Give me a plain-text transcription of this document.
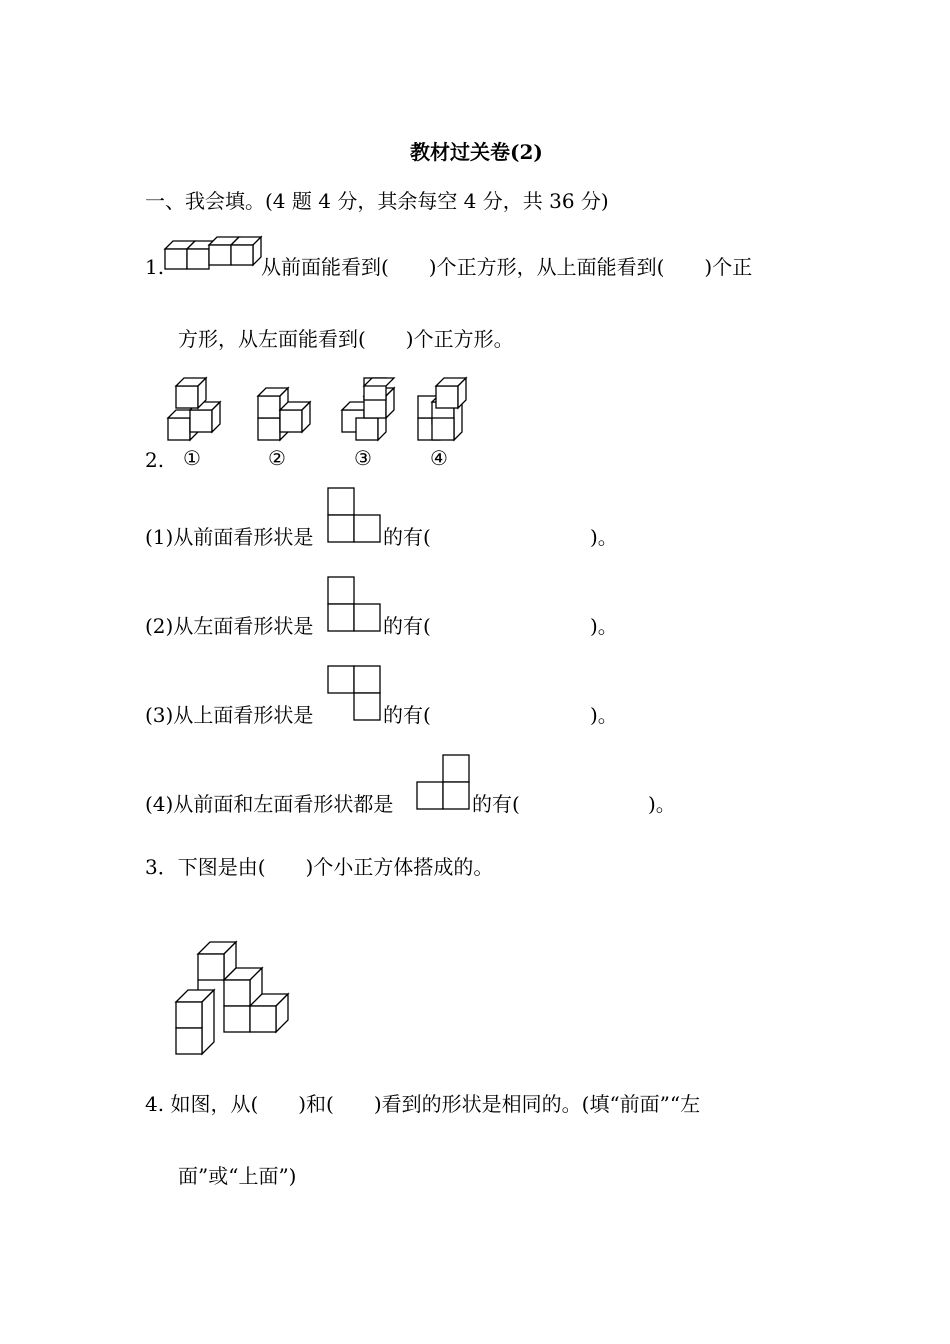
教材过关卷(2)
一、我会填。(4 题 4 分，其余每空 4 分，共 36 分)
1.	从前面能看到(　　)个正方形，从上面能看到(　　)个正
方形，从左面能看到(　　)个正方形。
2. ①	②	③	④
(1)从前面看形状是	的有(	)。
(2)从左面看形状是	的有(	)。
(3)从上面看形状是	的有(	)。
(4)从前面和左面看形状都是	的有(	)。
3．下图是由(　　)个小正方体搭成的。
4. 如图，从(　　)和(　　)看到的形状是相同的。(填“前面”“左
面”或“上面”)
